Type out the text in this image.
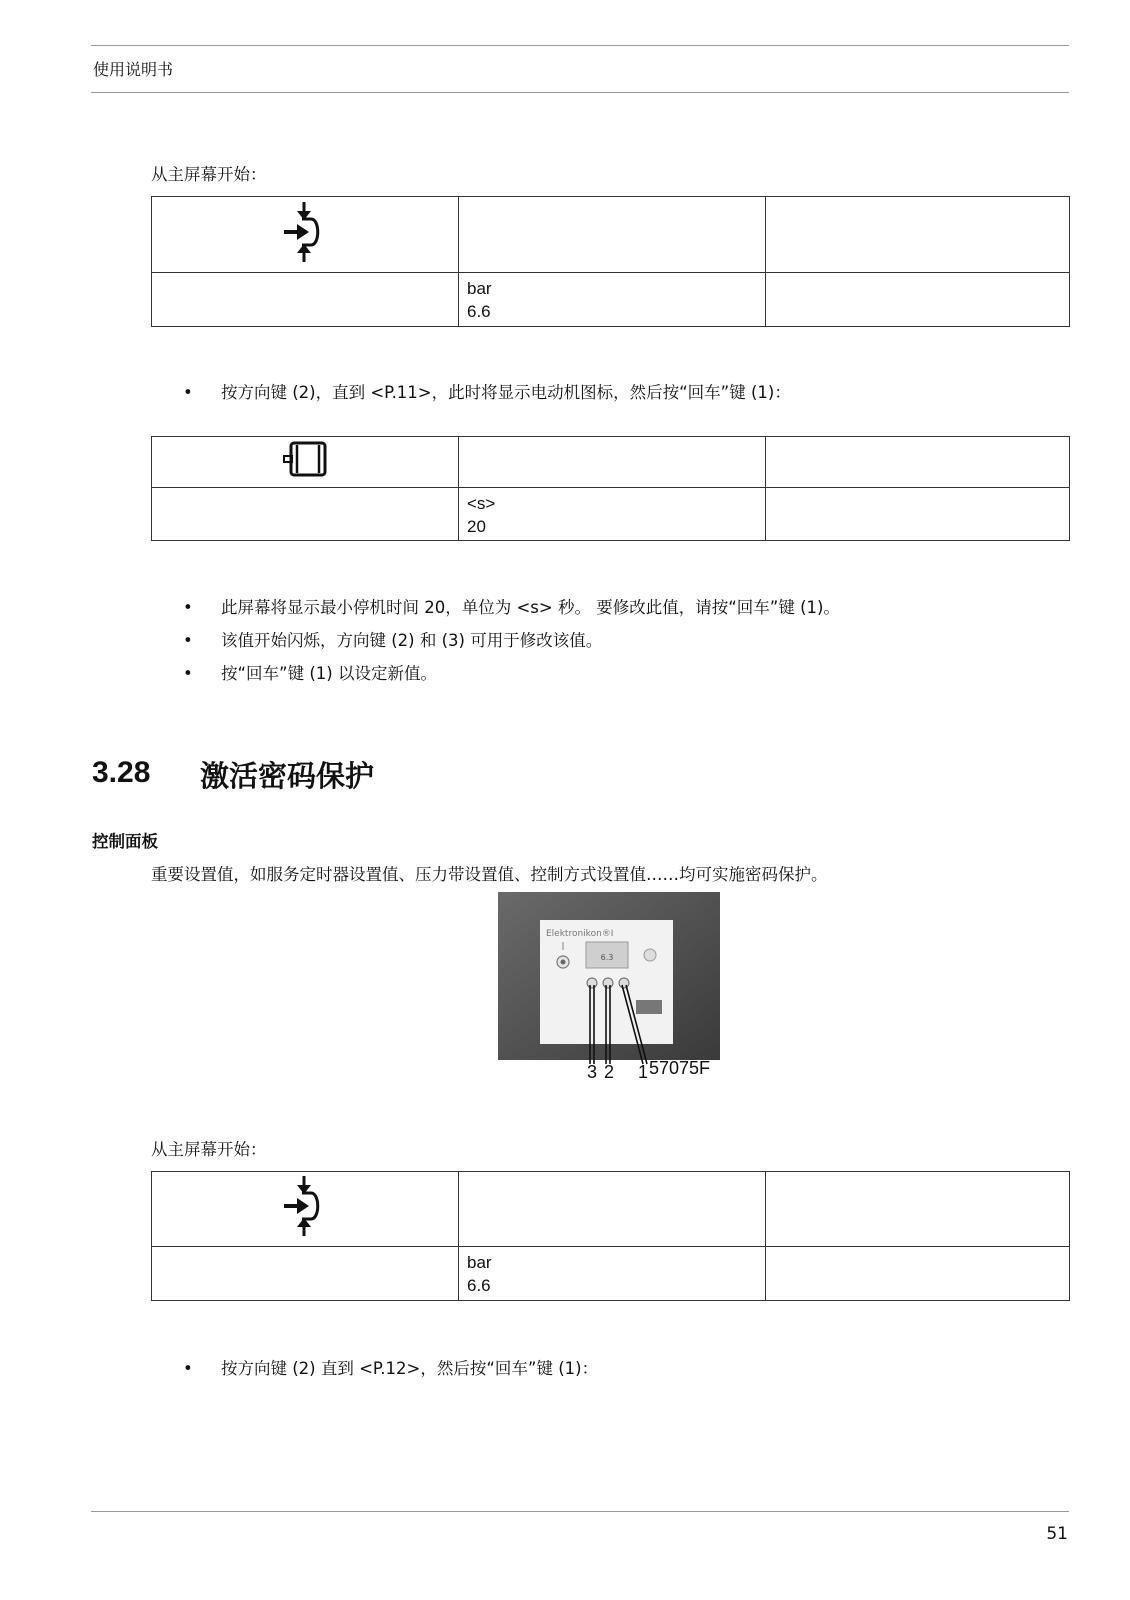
使用说明书
从主屏幕开始：

	bar
6.6	

• 按方向键 (2)，直到 <P.11>，此时将显示电动机图标，然后按“回车”键 (1)：

	<s>
20	

• 此屏幕将显示最小停机时间 20，单位为 <s> 秒。 要修改此值，请按“回车”键 (1)。
• 该值开始闪烁，方向键 (2) 和 (3) 可用于修改该值。
• 按“回车”键 (1) 以设定新值。
3.28 激活密码保护
控制面板
重要设置值，如服务定时器设置值、压力带设置值、控制方式设置值……均可实施密码保护。
Elektronikon®I
6.3
3 2 1 57075F
从主屏幕开始：

	bar
6.6	

• 按方向键 (2) 直到 <P.12>，然后按“回车”键 (1)：
51
